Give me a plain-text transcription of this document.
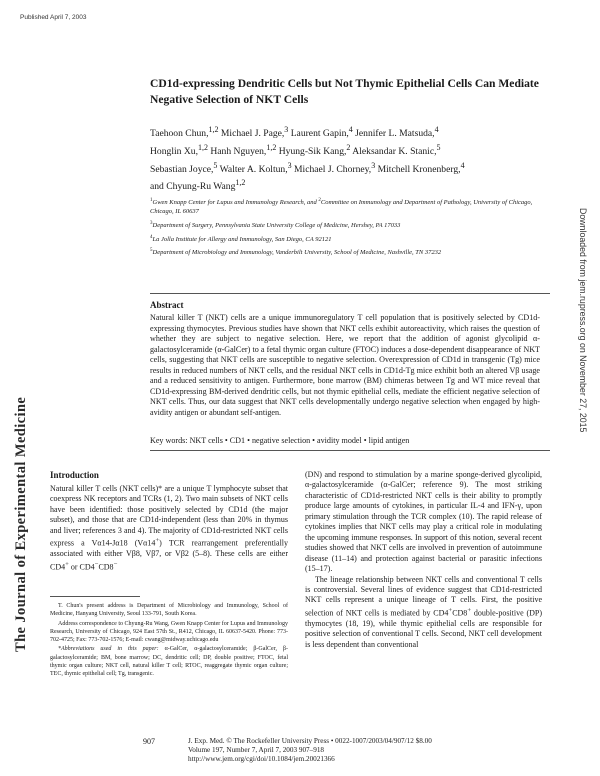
Published April 7, 2003
The Journal of Experimental Medicine
Downloaded from jem.rupress.org on November 27, 2015
CD1d-expressing Dendritic Cells but Not Thymic Epithelial Cells Can Mediate Negative Selection of NKT Cells
Taehoon Chun,$^{1,2}$ Michael J. Page,$^3$ Laurent Gapin,$^4$ Jennifer L. Matsuda,$^4$
Honglin Xu,$^{1,2}$ Hanh Nguyen,$^{1,2}$ Hyung-Sik Kang,$^2$ Aleksandar K. Stanic,$^5$
Sebastian Joyce,$^5$ Walter A. Koltun,$^3$ Michael J. Chorney,$^3$ Mitchell Kronenberg,$^4$
and Chyung-Ru Wang$^{1,2}$
$^1$Gwen Knapp Center for Lupus and Immunology Research, and $^2$Committee on Immunology and Department of Pathology, University of Chicago, Chicago, IL 60637
$^3$Department of Surgery, Pennsylvania State University College of Medicine, Hershey, PA 17033
$^4$La Jolla Institute for Allergy and Immunology, San Diego, CA 92121
$^5$Department of Microbiology and Immunology, Vanderbilt University, School of Medicine, Nashville, TN 37232
Abstract
Natural killer T (NKT) cells are a unique immunoregulatory T cell population that is positively selected by CD1d-expressing thymocytes. Previous studies have shown that NKT cells exhibit autoreactivity, which raises the question of whether they are subject to negative selection. Here, we report that the addition of agonist glycolipid α-galactosylceramide (α-GalCer) to a fetal thymic organ culture (FTOC) induces a dose-dependent disappearance of NKT cells, suggesting that NKT cells are susceptible to negative selection. Overexpression of CD1d in transgenic (Tg) mice results in reduced numbers of NKT cells, and the residual NKT cells in CD1d-Tg mice exhibit both an altered Vβ usage and a reduced sensitivity to antigen. Furthermore, bone marrow (BM) chimeras between Tg and WT mice reveal that CD1d-expressing BM-derived dendritic cells, but not thymic epithelial cells, mediate the efficient negative selection of NKT cells. Thus, our data suggest that NKT cells developmentally undergo negative selection when engaged by high-avidity antigen or abundant self-antigen.
Key words: NKT cells • CD1 • negative selection • avidity model • lipid antigen
Introduction

Natural killer T cells (NKT cells)* are a unique T lymphocyte subset that coexpress NK receptors and TCRs (1, 2). Two main subsets of NKT cells have been identified: those positively selected by CD1d (the major subset), and those that are CD1d-independent (less than 20% in thymus and liver; references 3 and 4). The majority of CD1d-restricted NKT cells express a Vα14-Jα18 (Vα14+) TCR rearrangement preferentially associated with either Vβ8, Vβ7, or Vβ2 (5–8). These cells are either CD4+ or CD4−CD8−

(DN) and respond to stimulation by a marine sponge-derived glycolipid, α-galactosylceramide (α-GalCer; reference 9). The most striking characteristic of CD1d-restricted NKT cells is their ability to promptly produce large amounts of cytokines, in particular IL-4 and IFN-γ, upon primary stimulation through the TCR complex (10). The rapid release of cytokines implies that NKT cells may play a critical role in modulating the upcoming immune responses. In support of this notion, several recent studies showed that NKT cells are involved in prevention of autoimmune disease (11–14) and protection against bacterial or parasitic infections (15–17).

The lineage relationship between NKT cells and conventional T cells is controversial. Several lines of evidence suggest that CD1d-restricted NKT cells represent a unique lineage of T cells. First, the positive selection of NKT cells is mediated by CD4+CD8+ double-positive (DP) thymocytes (18, 19), while thymic epithelial cells are responsible for positive selection of conventional T cells. Second, NKT cell development is less dependent than conventional

T. Chun's present address is Department of Microbiology and Immunology, School of Medicine, Hanyang University, Seoul 133-791, South Korea.

Address correspondence to Chyung-Ru Wang, Gwen Knapp Center for Lupus and Immunology Research, University of Chicago, 924 East 57th St., R412, Chicago, IL 60637-5420. Phone: 773-702-4725; Fax: 773-702-1576; E-mail: cwang@midway.uchicago.edu

*Abbreviations used in this paper: α-GalCer, α-galactosylceramide; β-GalCer, β-galactosylceramide; BM, bone marrow; DC, dendritic cell; DP, double positive; FTOC, fetal thymic organ culture; NKT cell, natural killer T cell; RTOC, reaggregate thymic organ culture; TEC, thymic epithelial cell; Tg, transgenic.

907	J. Exp. Med. © The Rockefeller University Press • 0022-1007/2003/04/907/12 $8.00
Volume 197, Number 7, April 7, 2003 907–918
http://www.jem.org/cgi/doi/10.1084/jem.20021366
